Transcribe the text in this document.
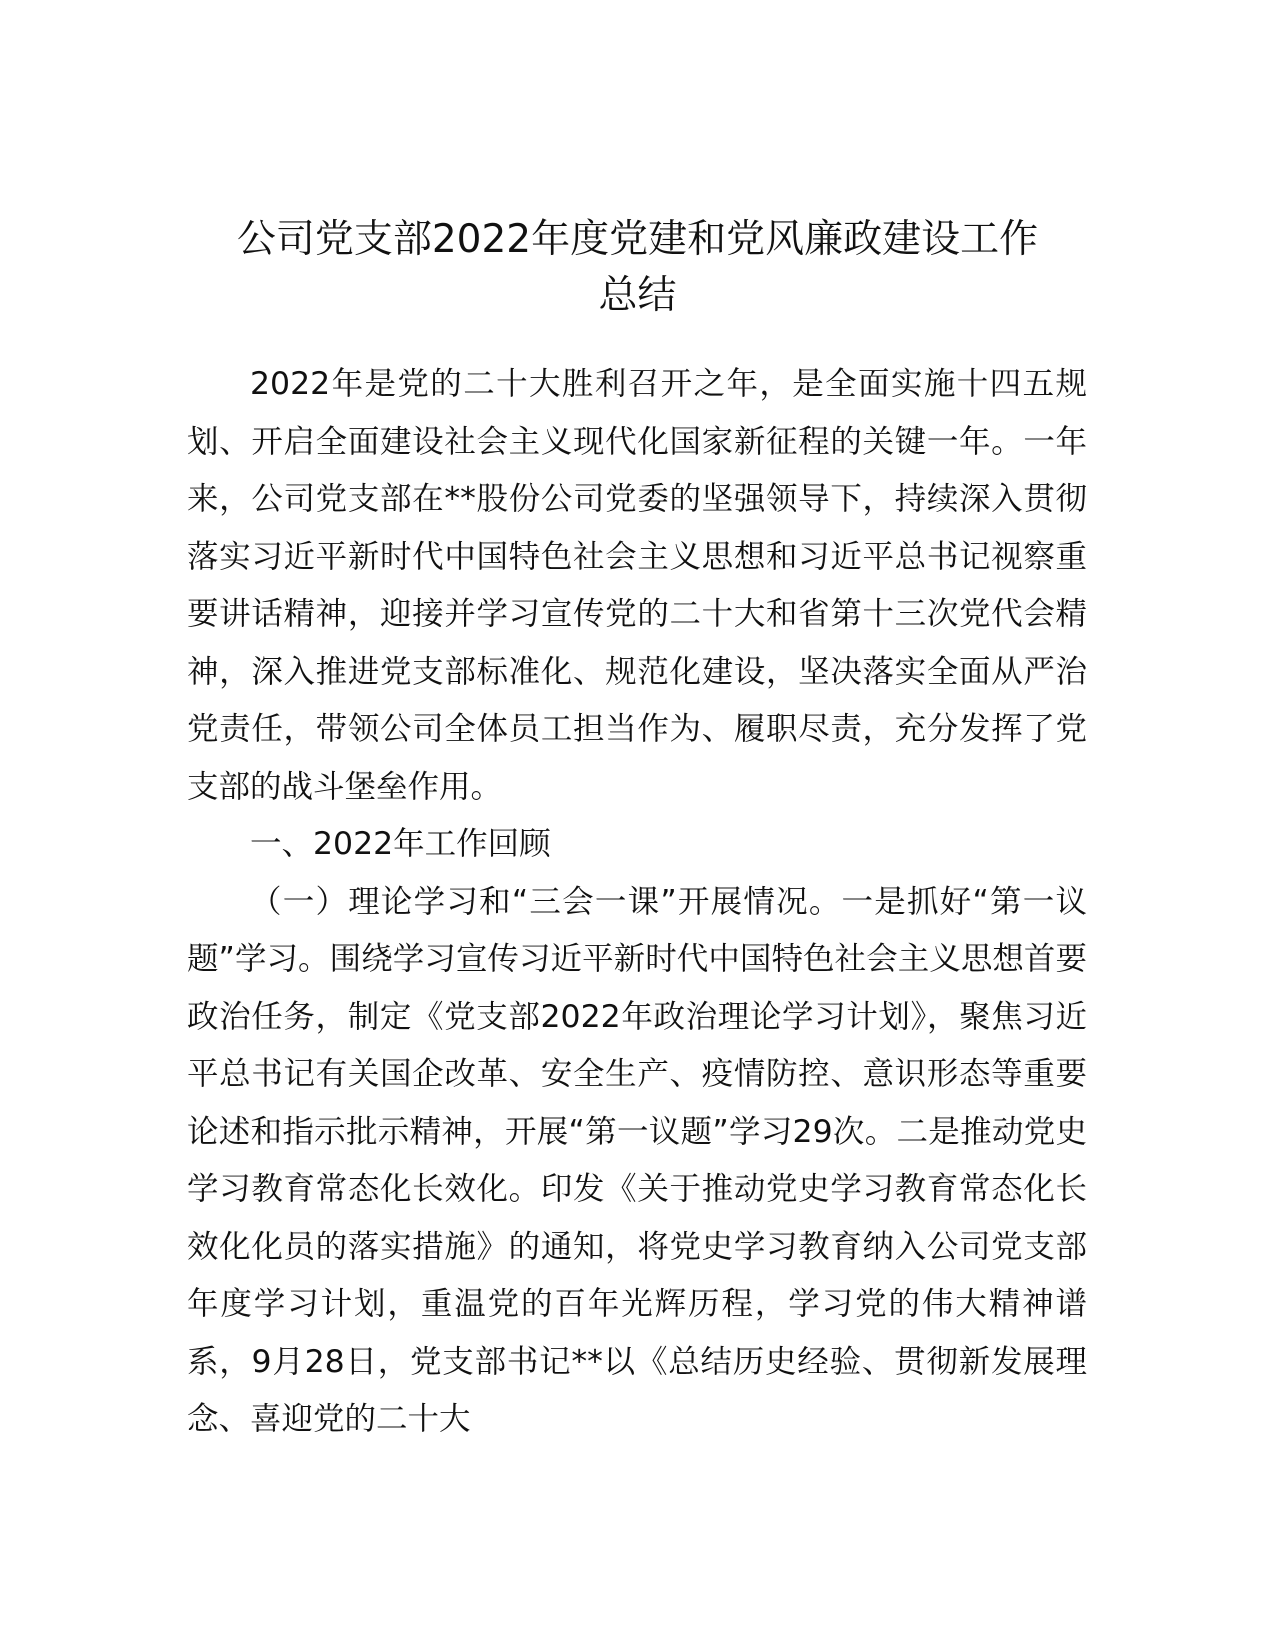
公司党支部2022年度党建和党风廉政建设工作
总结

2022年是党的二十大胜利召开之年，是全面实施十四五规划、开启全面建设社会主义现代化国家新征程的关键一年。一年来，公司党支部在**股份公司党委的坚强领导下，持续深入贯彻落实习近平新时代中国特色社会主义思想和习近平总书记视察重要讲话精神，迎接并学习宣传党的二十大和省第十三次党代会精神，深入推进党支部标准化、规范化建设，坚决落实全面从严治党责任，带领公司全体员工担当作为、履职尽责，充分发挥了党支部的战斗堡垒作用。

一、2022年工作回顾

（一）理论学习和“三会一课”开展情况。一是抓好“第一议题”学习。围绕学习宣传习近平新时代中国特色社会主义思想首要政治任务，制定《党支部2022年政治理论学习计划》，聚焦习近平总书记有关国企改革、安全生产、疫情防控、意识形态等重要论述和指示批示精神，开展“第一议题”学习29次。二是推动党史学习教育常态化长效化。印发《关于推动党史学习教育常态化长效化化员的落实措施》的通知，将党史学习教育纳入公司党支部年度学习计划，重温党的百年光辉历程，学习党的伟大精神谱系，9月28日，党支部书记**以《总结历史经验、贯彻新发展理念、喜迎党的二十大
